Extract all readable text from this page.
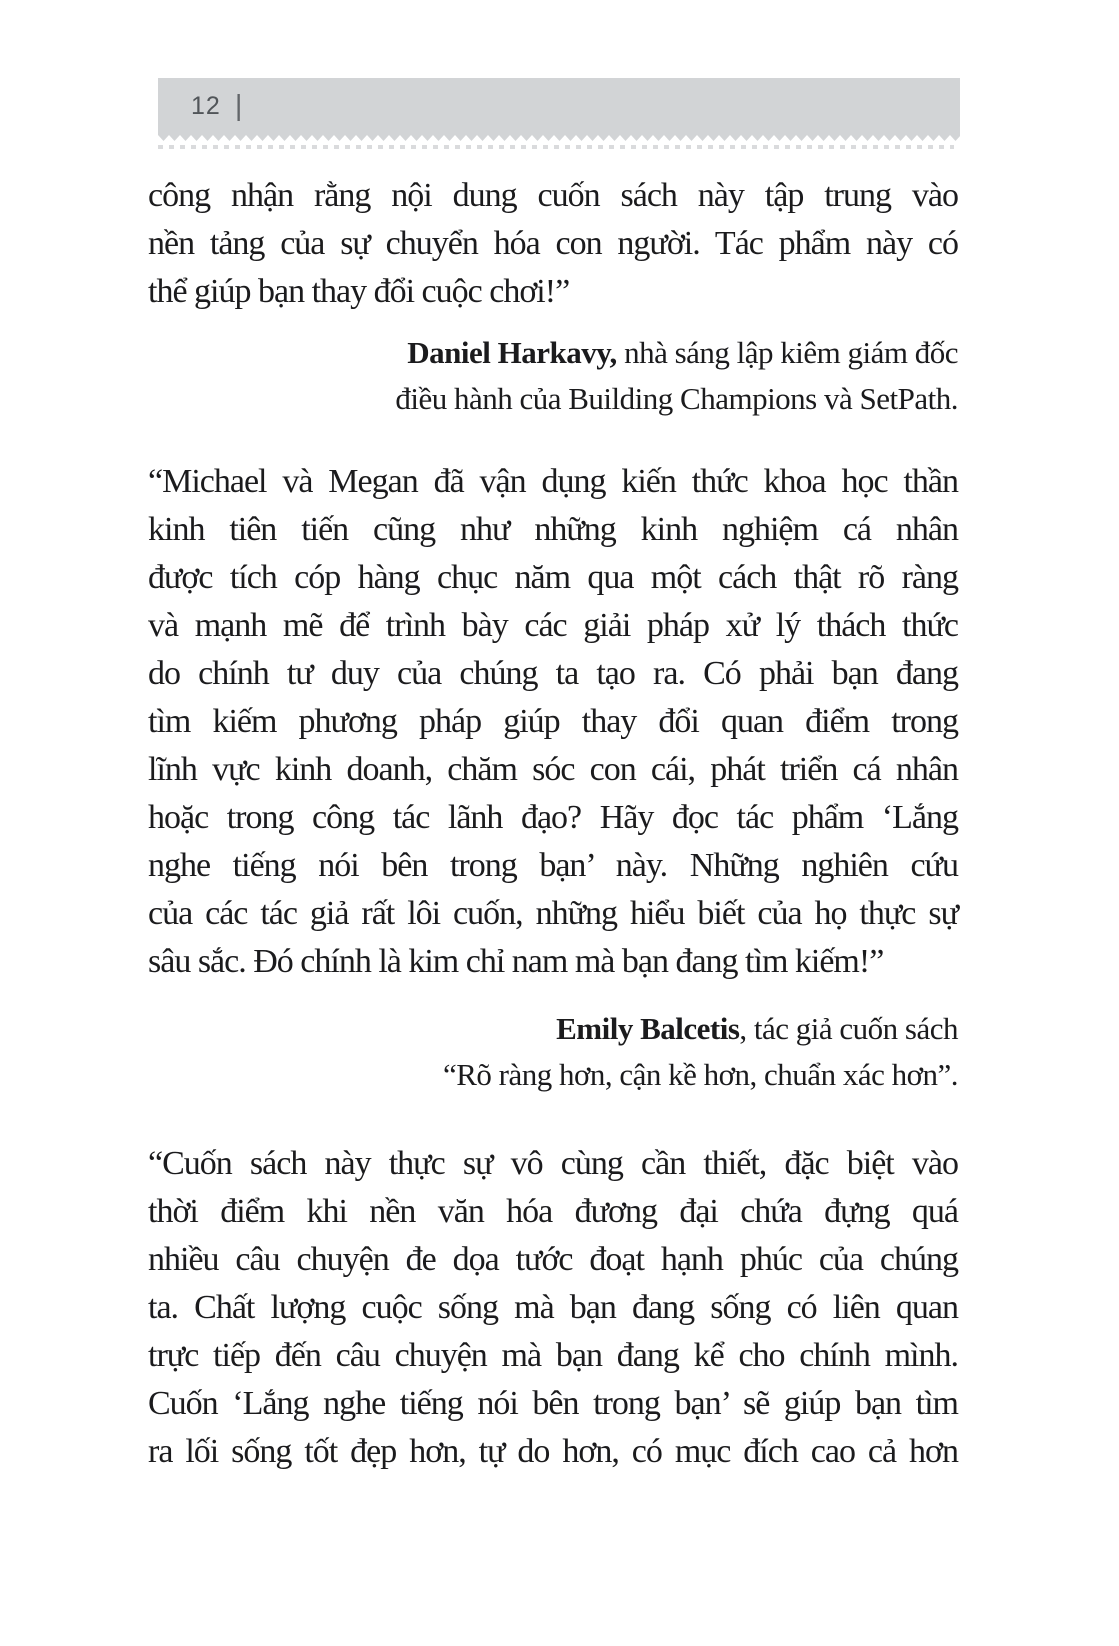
12 |
công nhận rằng nội dung cuốn sách này tập trung vào
nền tảng của sự chuyển hóa con người. Tác phẩm này có
thể giúp bạn thay đổi cuộc chơi!”
Daniel Harkavy, nhà sáng lập kiêm giám đốc
điều hành của Building Champions và SetPath.
“Michael và Megan đã vận dụng kiến thức khoa học thần
kinh tiên tiến cũng như những kinh nghiệm cá nhân
được tích cóp hàng chục năm qua một cách thật rõ ràng
và mạnh mẽ để trình bày các giải pháp xử lý thách thức
do chính tư duy của chúng ta tạo ra. Có phải bạn đang
tìm kiếm phương pháp giúp thay đổi quan điểm trong
lĩnh vực kinh doanh, chăm sóc con cái, phát triển cá nhân
hoặc trong công tác lãnh đạo? Hãy đọc tác phẩm ‘Lắng
nghe tiếng nói bên trong bạn’ này. Những nghiên cứu
của các tác giả rất lôi cuốn, những hiểu biết của họ thực sự
sâu sắc. Đó chính là kim chỉ nam mà bạn đang tìm kiếm!”
Emily Balcetis, tác giả cuốn sách
“Rõ ràng hơn, cận kề hơn, chuẩn xác hơn”.
“Cuốn sách này thực sự vô cùng cần thiết, đặc biệt vào
thời điểm khi nền văn hóa đương đại chứa đựng quá
nhiều câu chuyện đe dọa tước đoạt hạnh phúc của chúng
ta. Chất lượng cuộc sống mà bạn đang sống có liên quan
trực tiếp đến câu chuyện mà bạn đang kể cho chính mình.
Cuốn ‘Lắng nghe tiếng nói bên trong bạn’ sẽ giúp bạn tìm
ra lối sống tốt đẹp hơn, tự do hơn, có mục đích cao cả hơn
